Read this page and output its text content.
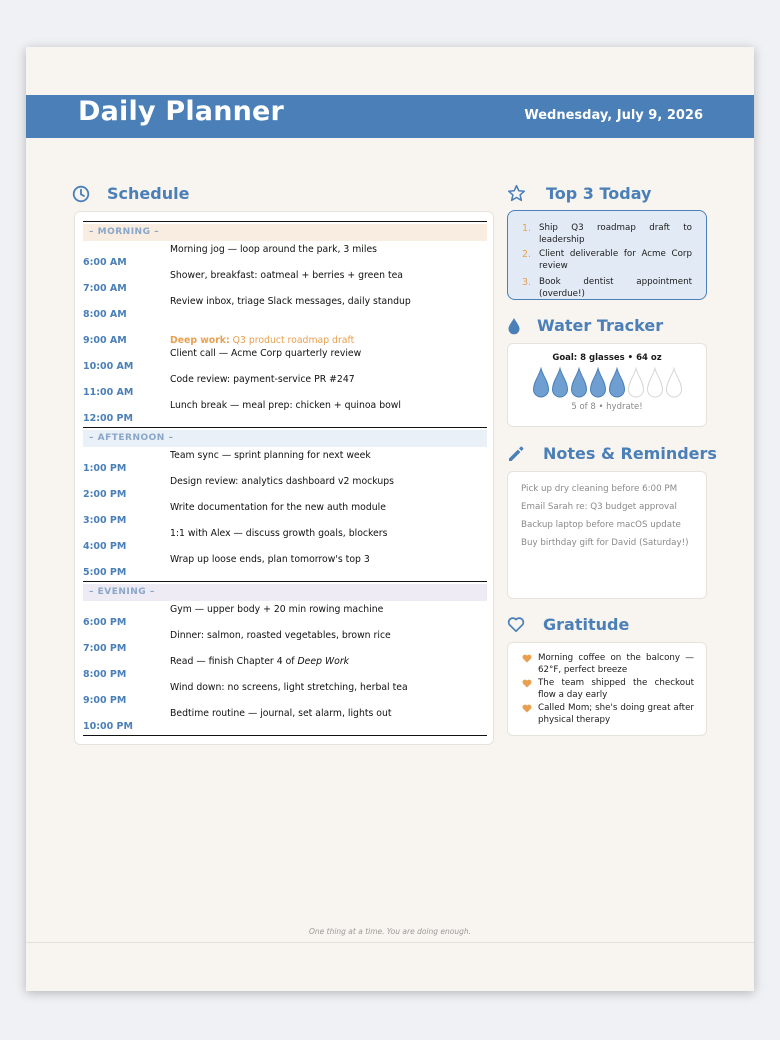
Daily Planner	Wednesday, July 9, 2026
Schedule
– MORNING –
Morning jog — loop around the park, 3 miles
6:00 AM
Shower, breakfast: oatmeal + berries + green tea
7:00 AM
Review inbox, triage Slack messages, daily standup
8:00 AM
Deep work: Q3 product roadmap draft
9:00 AM
Client call — Acme Corp quarterly review
10:00 AM
Code review: payment-service PR #247
11:00 AM
Lunch break — meal prep: chicken + quinoa bowl
12:00 PM
– AFTERNOON –
Team sync — sprint planning for next week
1:00 PM
Design review: analytics dashboard v2 mockups
2:00 PM
Write documentation for the new auth module
3:00 PM
1:1 with Alex — discuss growth goals, blockers
4:00 PM
Wrap up loose ends, plan tomorrow's top 3
5:00 PM
– EVENING –
Gym — upper body + 20 min rowing machine
6:00 PM
Dinner: salmon, roasted vegetables, brown rice
7:00 PM
Read — finish Chapter 4 of Deep Work
8:00 PM
Wind down: no screens, light stretching, herbal tea
9:00 PM
Bedtime routine — journal, set alarm, lights out
10:00 PM
Top 3 Today
1. Ship Q3 roadmap draft to leadership
2. Client deliverable for Acme Corp review
3. Book dentist appointment (overdue!)
Water Tracker
Goal: 8 glasses • 64 oz
5 of 8 • hydrate!
Notes & Reminders
Pick up dry cleaning before 6:00 PM
Email Sarah re: Q3 budget approval
Backup laptop before macOS update
Buy birthday gift for David (Saturday!)
Gratitude
Morning coffee on the balcony — 62°F, perfect breeze
The team shipped the checkout flow a day early
Called Mom; she's doing great after physical therapy
One thing at a time. You are doing enough.
